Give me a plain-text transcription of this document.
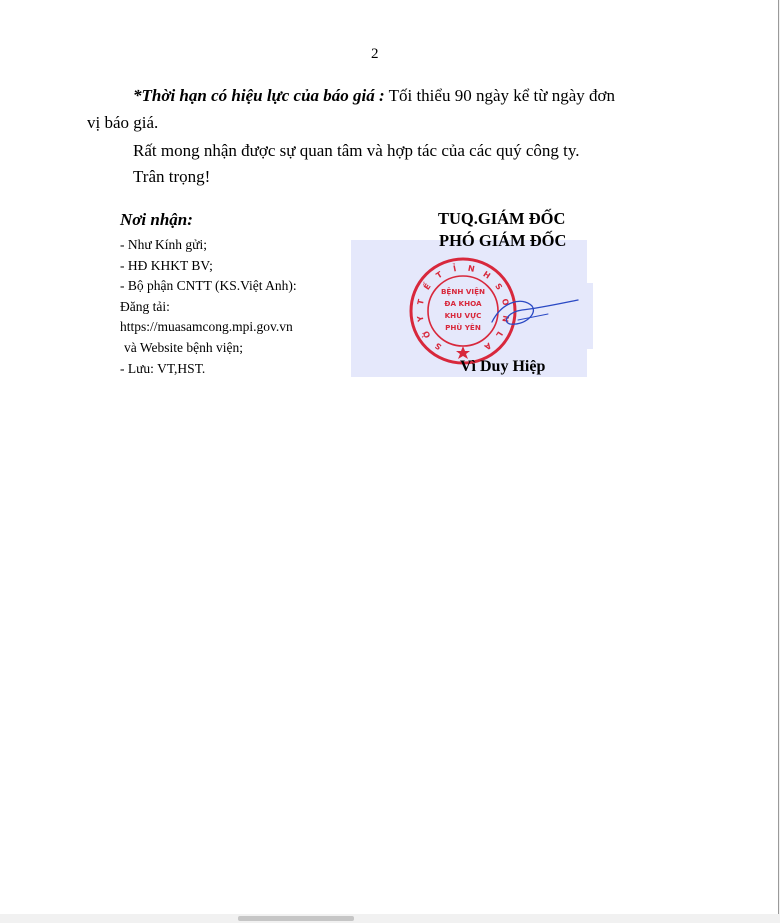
2
*Thời hạn có hiệu lực của báo giá : Tối thiểu 90 ngày kể từ ngày đơn
vị báo giá.
Rất mong nhận được sự quan tâm và hợp tác của các quý công ty.
Trân trọng!
Nơi nhận:
- Như Kính gửi;
- HĐ KHKT BV;
- Bộ phận CNTT (KS.Việt Anh):
Đăng tải:
https://muasamcong.mpi.gov.vn
và Website bệnh viện;
- Lưu: VT,HST.
TUQ.GIÁM ĐỐC
PHÓ GIÁM ĐỐC
S
Ở
Y
T
Ế
T
Ỉ N
H
S
Ơ
N
L
A
BỆNH VIỆN
ĐA KHOA
KHU VỰC
PHÙ YÊN
Vì Duy Hiệp
